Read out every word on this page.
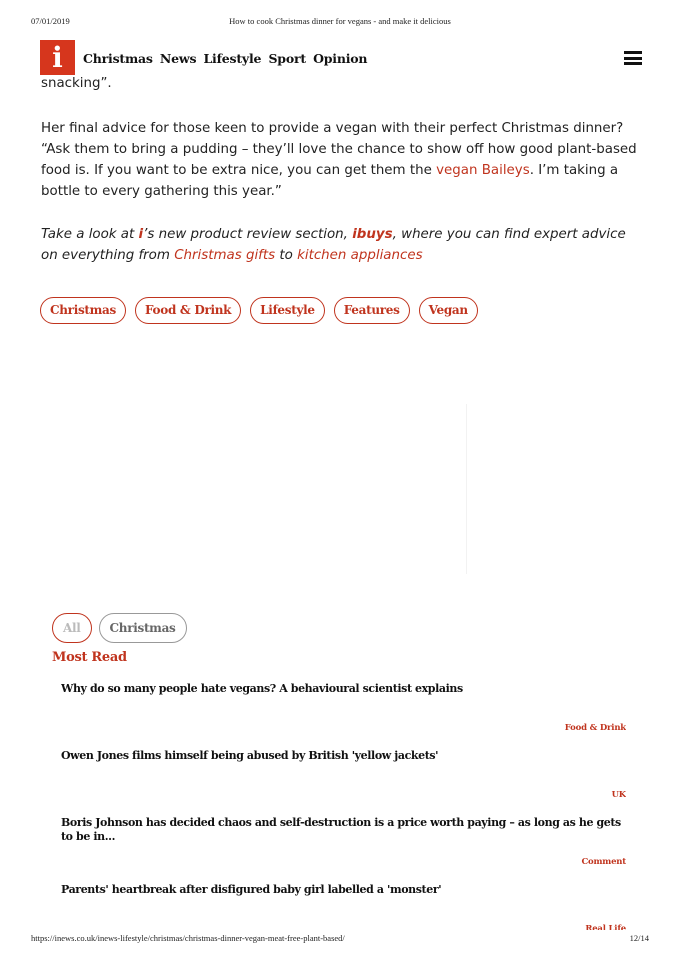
07/01/2019	How to cook Christmas dinner for vegans - and make it delicious
i	Christmas News Lifestyle Sport Opinion

snacking”.

Her final advice for those keen to provide a vegan with their perfect Christmas dinner? “Ask them to bring a pudding – they’ll love the chance to show off how good plant-based food is. If you want to be extra nice, you can get them the vegan Baileys. I’m taking a bottle to every gathering this year.”

Take a look at i’s new product review section, ibuys, where you can find expert advice on everything from Christmas gifts to kitchen appliances

Christmas	Food & Drink	Lifestyle	Features	Vegan
All	Christmas
Most Read
Why do so many people hate vegans? A behavioural scientist explains
Food & Drink
Owen Jones films himself being abused by British 'yellow jackets'
UK
Boris Johnson has decided chaos and self-destruction is a price worth paying – as long as he gets to be in...
Comment
Parents' heartbreak after disfigured baby girl labelled a 'monster'
Real Life
https://inews.co.uk/inews-lifestyle/christmas/christmas-dinner-vegan-meat-free-plant-based/	12/14
